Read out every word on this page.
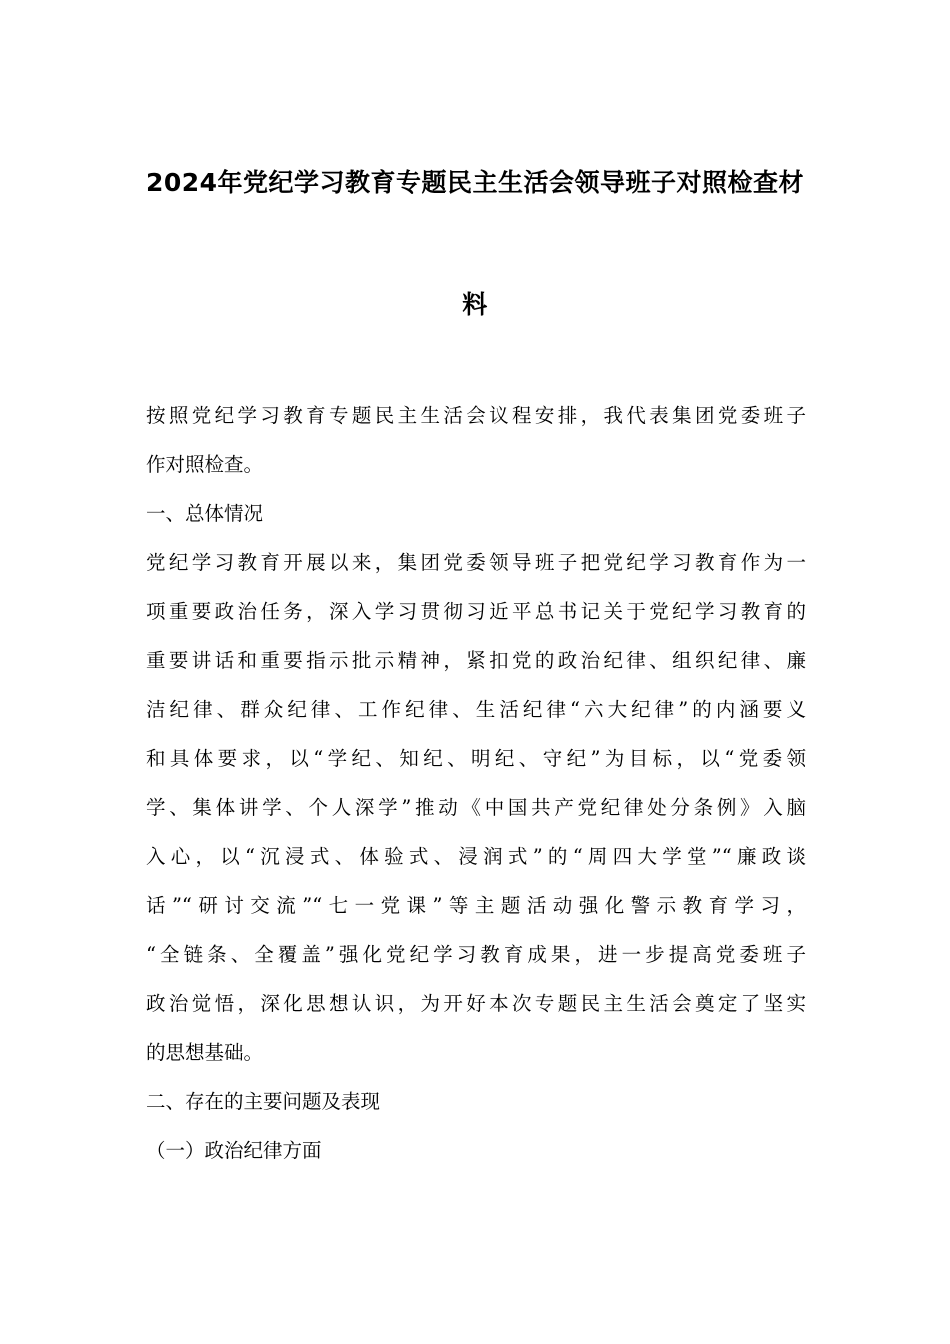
2024年党纪学习教育专题民主生活会领导班子对照检查材
料
按照党纪学习教育专题民主生活会议程安排，我代表集团党委班子
作对照检查。
一、总体情况
党纪学习教育开展以来，集团党委领导班子把党纪学习教育作为一
项重要政治任务，深入学习贯彻习近平总书记关于党纪学习教育的
重要讲话和重要指示批示精神，紧扣党的政治纪律、组织纪律、廉
洁纪律、群众纪律、工作纪律、生活纪律“六大纪律”的内涵要义
和具体要求，以“学纪、知纪、明纪、守纪”为目标，以“党委领
学、集体讲学、个人深学”推动《中国共产党纪律处分条例》入脑
入心，以“沉浸式、体验式、浸润式”的“周四大学堂”“廉政谈
话”“研讨交流”“七一党课”等主题活动强化警示教育学习，
“全链条、全覆盖”强化党纪学习教育成果，进一步提高党委班子
政治觉悟，深化思想认识，为开好本次专题民主生活会奠定了坚实
的思想基础。
二、存在的主要问题及表现
（一）政治纪律方面
